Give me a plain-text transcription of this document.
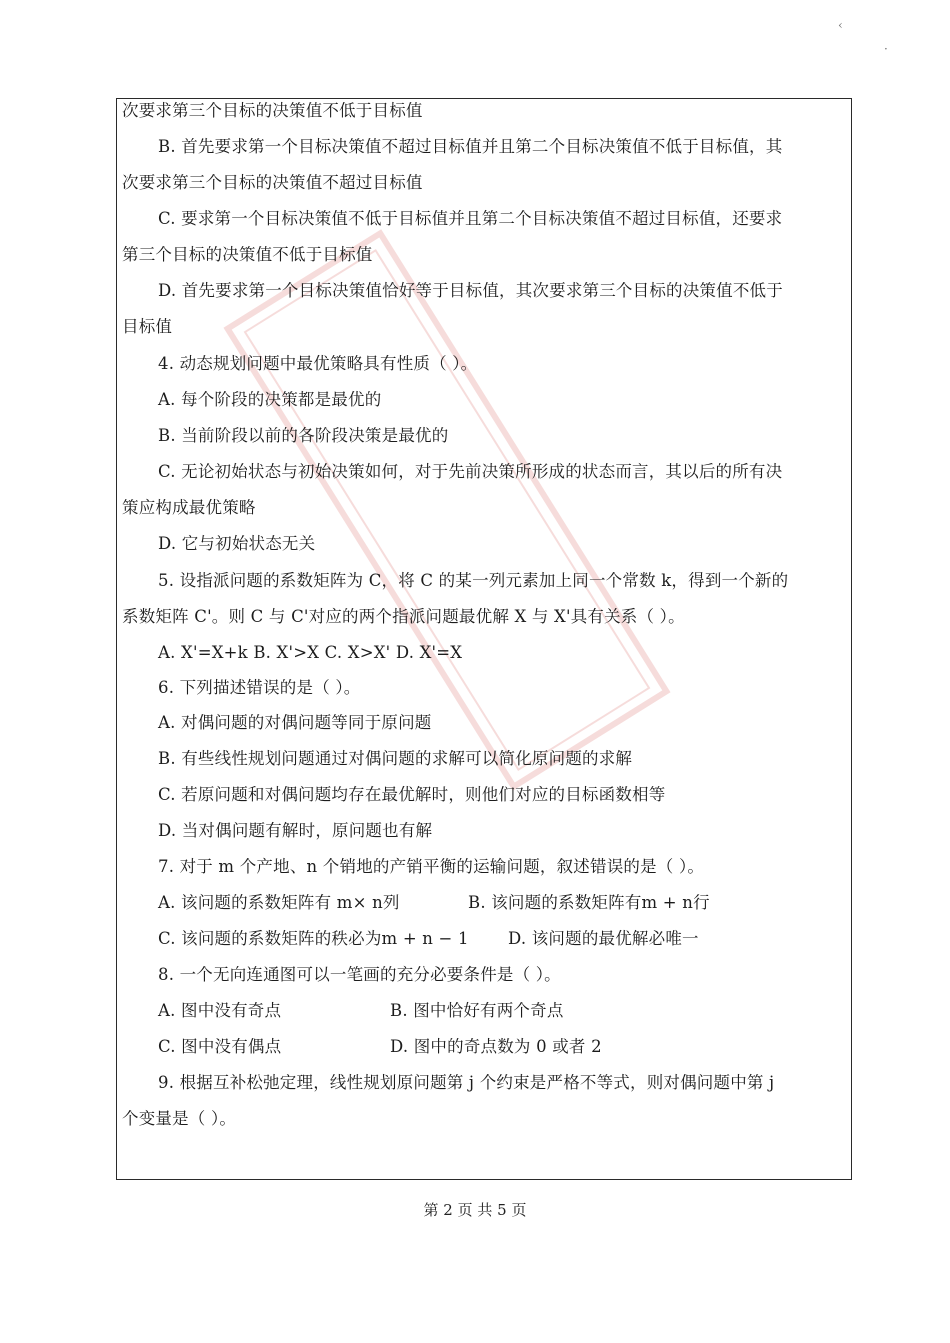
‹
·
次要求第三个目标的决策值不低于目标值
B. 首先要求第一个目标决策值不超过目标值并且第二个目标决策值不低于目标值，其
次要求第三个目标的决策值不超过目标值
C. 要求第一个目标决策值不低于目标值并且第二个目标决策值不超过目标值，还要求
第三个目标的决策值不低于目标值
D. 首先要求第一个目标决策值恰好等于目标值，其次要求第三个目标的决策值不低于
目标值
4. 动态规划问题中最优策略具有性质（ ）。
A. 每个阶段的决策都是最优的
B. 当前阶段以前的各阶段决策是最优的
C. 无论初始状态与初始决策如何，对于先前决策所形成的状态而言，其以后的所有决
策应构成最优策略
D. 它与初始状态无关
5. 设指派问题的系数矩阵为 C，将 C 的某一列元素加上同一个常数 k，得到一个新的
系数矩阵 C'。则 C 与 C'对应的两个指派问题最优解 X 与 X'具有关系（ ）。
A. X'=X+k B. X'>X C. X>X' D. X'=X
6. 下列描述错误的是（ ）。
A. 对偶问题的对偶问题等同于原问题
B. 有些线性规划问题通过对偶问题的求解可以简化原问题的求解
C. 若原问题和对偶问题均存在最优解时，则他们对应的目标函数相等
D. 当对偶问题有解时，原问题也有解
7. 对于 m 个产地、n 个销地的产销平衡的运输问题，叙述错误的是（ ）。
A. 该问题的系数矩阵有 m× n列	B. 该问题的系数矩阵有m + n行
C. 该问题的系数矩阵的秩必为m + n − 1 D. 该问题的最优解必唯一
8. 一个无向连通图可以一笔画的充分必要条件是（ ）。
A. 图中没有奇点	B. 图中恰好有两个奇点
C. 图中没有偶点	D. 图中的奇点数为 0 或者 2
9. 根据互补松弛定理，线性规划原问题第 j 个约束是严格不等式，则对偶问题中第 j
个变量是（ ）。
第 2 页 共 5 页
